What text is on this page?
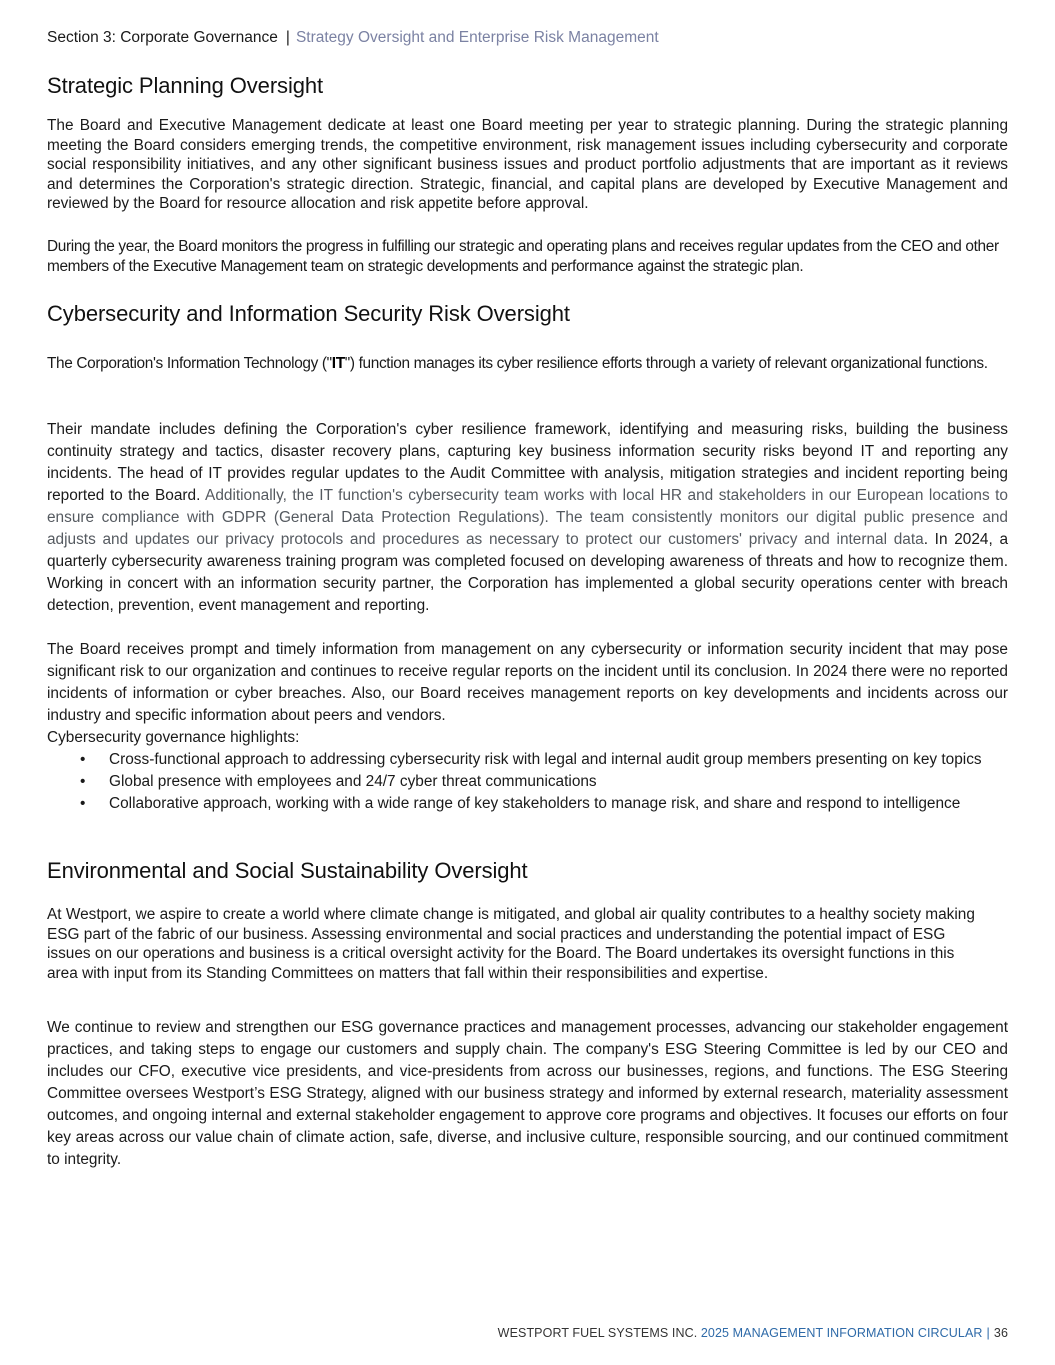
Section 3: Corporate Governance | Strategy Oversight and Enterprise Risk Management
Strategic Planning Oversight

The Board and Executive Management dedicate at least one Board meeting per year to strategic planning. During the strategic planning meeting the Board considers emerging trends, the competitive environment, risk management issues including cybersecurity and corporate social responsibility initiatives, and any other significant business issues and product portfolio adjustments that are important as it reviews and determines the Corporation's strategic direction. Strategic, financial, and capital plans are developed by Executive Management and reviewed by the Board for resource allocation and risk appetite before approval.

During the year, the Board monitors the progress in fulfilling our strategic and operating plans and receives regular updates from the CEO and other members of the Executive Management team on strategic developments and performance against the strategic plan.

Cybersecurity and Information Security Risk Oversight

The Corporation's Information Technology ("IT") function manages its cyber resilience efforts through a variety of relevant organizational functions.

Their mandate includes defining the Corporation's cyber resilience framework, identifying and measuring risks, building the business continuity strategy and tactics, disaster recovery plans, capturing key business information security risks beyond IT and reporting any incidents. The head of IT provides regular updates to the Audit Committee with analysis, mitigation strategies and incident reporting being reported to the Board. Additionally, the IT function's cybersecurity team works with local HR and stakeholders in our European locations to ensure compliance with GDPR (General Data Protection Regulations). The team consistently monitors our digital public presence and adjusts and updates our privacy protocols and procedures as necessary to protect our customers' privacy and internal data. In 2024, a quarterly cybersecurity awareness training program was completed focused on developing awareness of threats and how to recognize them. Working in concert with an information security partner, the Corporation has implemented a global security operations center with breach detection, prevention, event management and reporting.

The Board receives prompt and timely information from management on any cybersecurity or information security incident that may pose significant risk to our organization and continues to receive regular reports on the incident until its conclusion. In 2024 there were no reported incidents of information or cyber breaches. Also, our Board receives management reports on key developments and incidents across our industry and specific information about peers and vendors.

Cybersecurity governance highlights:

• Cross-functional approach to addressing cybersecurity risk with legal and internal audit group members presenting on key topics
• Global presence with employees and 24/7 cyber threat communications
• Collaborative approach, working with a wide range of key stakeholders to manage risk, and share and respond to intelligence
Environmental and Social Sustainability Oversight

At Westport, we aspire to create a world where climate change is mitigated, and global air quality contributes to a healthy society making ESG part of the fabric of our business. Assessing environmental and social practices and understanding the potential impact of ESG issues on our operations and business is a critical oversight activity for the Board. The Board undertakes its oversight functions in this area with input from its Standing Committees on matters that fall within their responsibilities and expertise.

We continue to review and strengthen our ESG governance practices and management processes, advancing our stakeholder engagement practices, and taking steps to engage our customers and supply chain. The company's ESG Steering Committee is led by our CEO and includes our CFO, executive vice presidents, and vice-presidents from across our businesses, regions, and functions. The ESG Steering Committee oversees Westport’s ESG Strategy, aligned with our business strategy and informed by external research, materiality assessment outcomes, and ongoing internal and external stakeholder engagement to approve core programs and objectives. It focuses our efforts on four key areas across our value chain of climate action, safe, diverse, and inclusive culture, responsible sourcing, and our continued commitment to integrity.

WESTPORT FUEL SYSTEMS INC. 2025 MANAGEMENT INFORMATION CIRCULAR | 36
